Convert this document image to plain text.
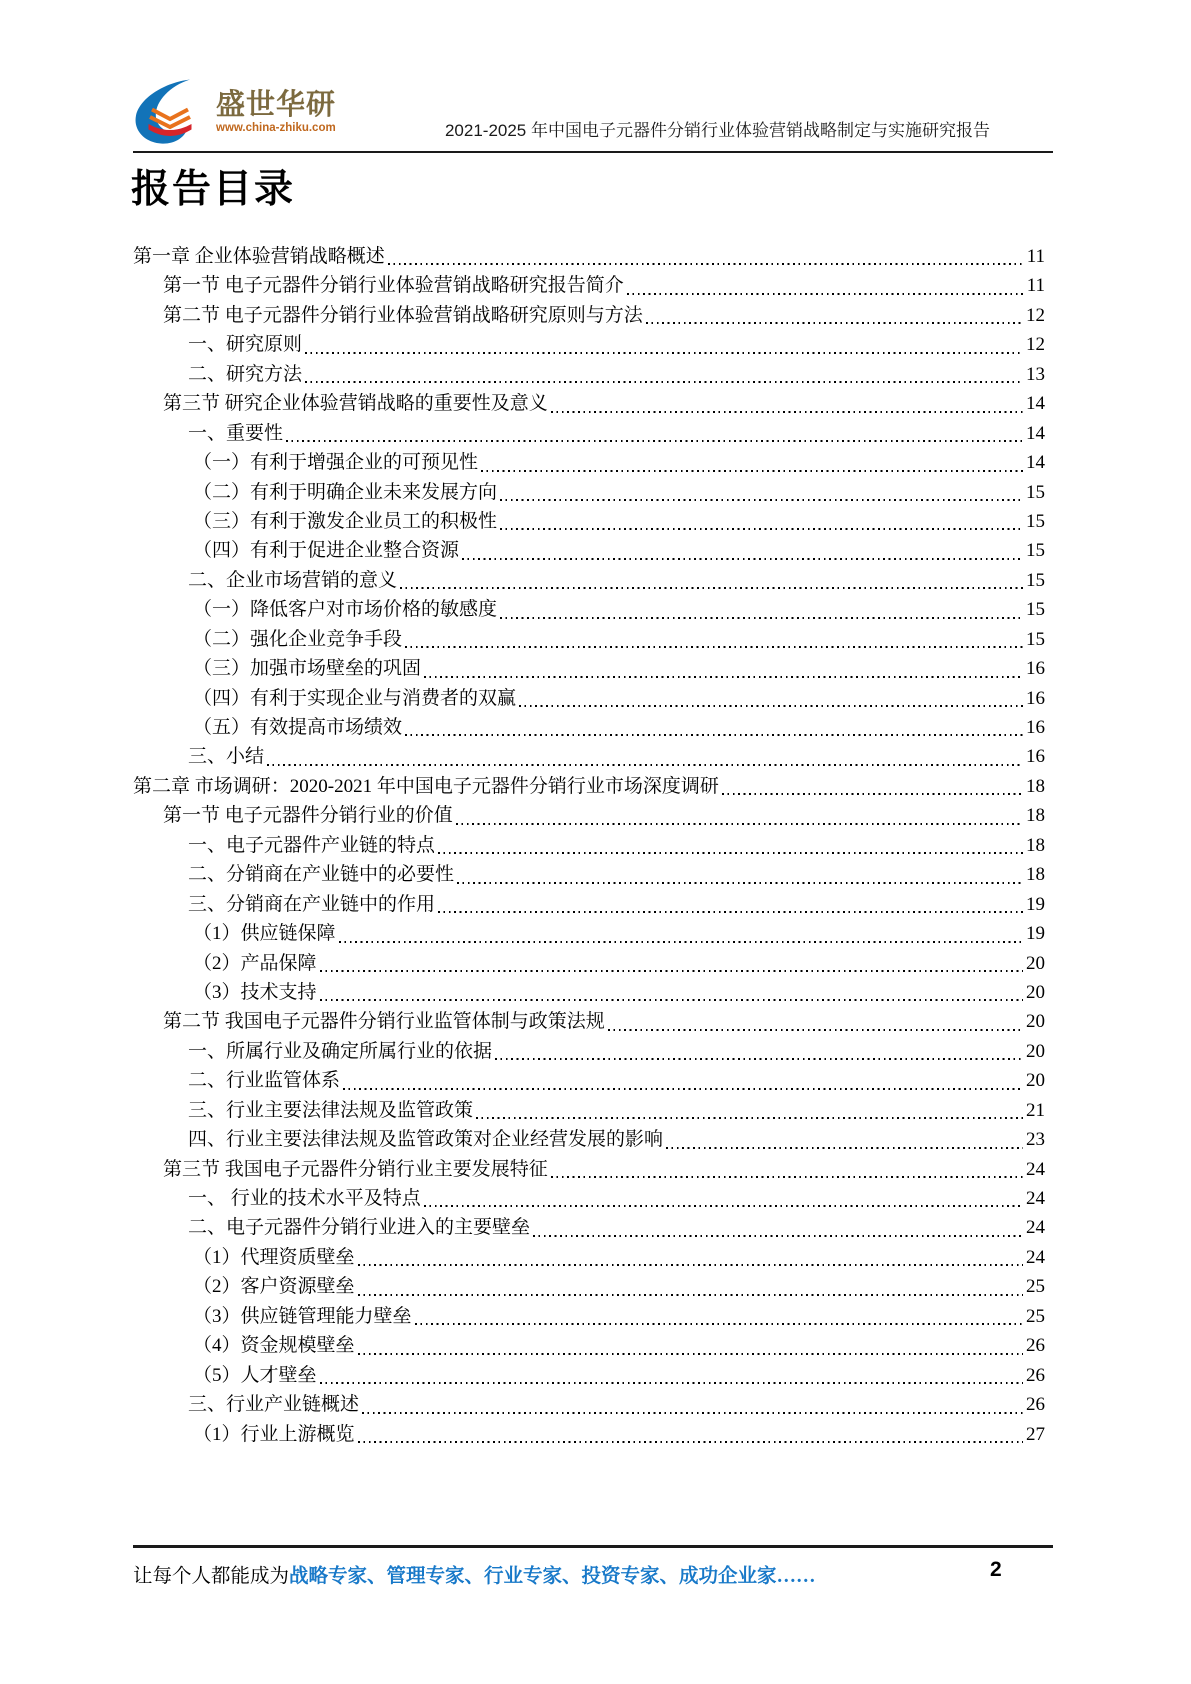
盛世华研
www.china-zhiku.com	2021-2025 年中国电子元器件分销行业体验营销战略制定与实施研究报告
报告目录
第一章 企业体验营销战略概述	11
第一节 电子元器件分销行业体验营销战略研究报告简介	11
第二节 电子元器件分销行业体验营销战略研究原则与方法	12
一、研究原则	12
二、研究方法	13
第三节 研究企业体验营销战略的重要性及意义	14
一、重要性	14
（一）有利于增强企业的可预见性	14
（二）有利于明确企业未来发展方向	15
（三）有利于激发企业员工的积极性	15
（四）有利于促进企业整合资源	15
二、企业市场营销的意义	15
（一）降低客户对市场价格的敏感度	15
（二）强化企业竞争手段	15
（三）加强市场壁垒的巩固	16
（四）有利于实现企业与消费者的双赢	16
（五）有效提高市场绩效	16
三、小结	16
第二章 市场调研：2020-2021 年中国电子元器件分销行业市场深度调研	18
第一节 电子元器件分销行业的价值	18
一、电子元器件产业链的特点	18
二、分销商在产业链中的必要性	18
三、分销商在产业链中的作用	19
（1）供应链保障	19
（2）产品保障	20
（3）技术支持	20
第二节 我国电子元器件分销行业监管体制与政策法规	20
一、所属行业及确定所属行业的依据	20
二、行业监管体系	20
三、行业主要法律法规及监管政策	21
四、行业主要法律法规及监管政策对企业经营发展的影响	23
第三节 我国电子元器件分销行业主要发展特征	24
一、 行业的技术水平及特点	24
二、电子元器件分销行业进入的主要壁垒	24
（1）代理资质壁垒	24
（2）客户资源壁垒	25
（3）供应链管理能力壁垒	25
（4）资金规模壁垒	26
（5）人才壁垒	26
三、行业产业链概述	26
（1）行业上游概览	27
让每个人都能成为战略专家、管理专家、行业专家、投资专家、成功企业家……	2
